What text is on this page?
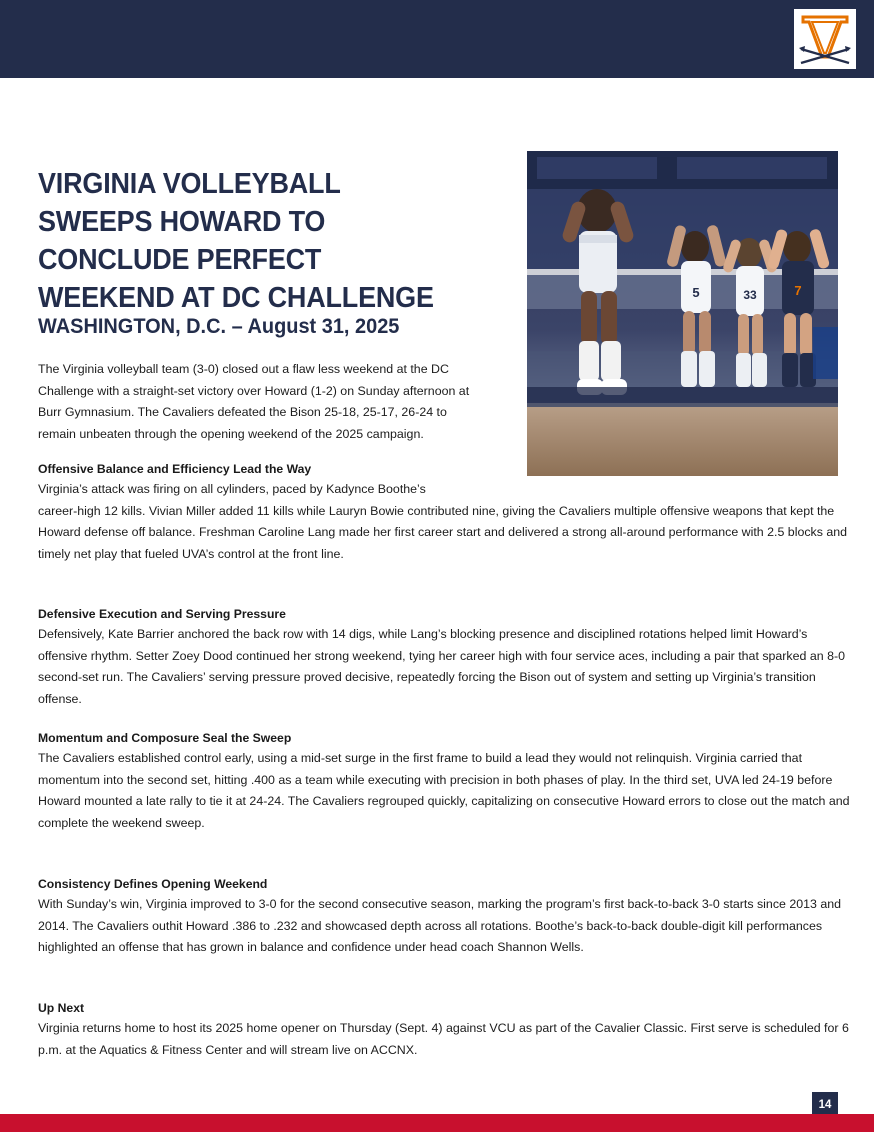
VIRGINIA VOLLEYBALL SWEEPS HOWARD TO CONCLUDE PERFECT WEEKEND AT DC CHALLENGE
WASHINGTON, D.C. – August 31, 2025

The Virginia volleyball team (3-0) closed out a flaw less weekend at the DC Challenge with a straight-set victory over Howard (1-2) on Sunday afternoon at Burr Gymnasium. The Cavaliers defeated the Bison 25-18, 25-17, 26-24 to remain unbeaten through the opening weekend of the 2025 campaign.

5	33	7
Offensive Balance and Efficiency Lead the Way
Virginia’s attack was firing on all cylinders, paced by Kadynce Boothe’s
career-high 12 kills. Vivian Miller added 11 kills while Lauryn Bowie contributed nine, giving the Cavaliers multiple offensive weapons that kept the Howard defense off balance. Freshman Caroline Lang made her first career start and delivered a strong all-around performance with 2.5 blocks and timely net play that fueled UVA’s control at the front line.
Defensive Execution and Serving Pressure
Defensively, Kate Barrier anchored the back row with 14 digs, while Lang’s blocking presence and disciplined rotations helped limit Howard’s offensive rhythm. Setter Zoey Dood continued her strong weekend, tying her career high with four service aces, including a pair that sparked an 8-0 second-set run. The Cavaliers’ serving pressure proved decisive, repeatedly forcing the Bison out of system and setting up Virginia’s transition offense.
Momentum and Composure Seal the Sweep
The Cavaliers established control early, using a mid-set surge in the first frame to build a lead they would not relinquish. Virginia carried that momentum into the second set, hitting .400 as a team while executing with precision in both phases of play. In the third set, UVA led 24-19 before Howard mounted a late rally to tie it at 24-24. The Cavaliers regrouped quickly, capitalizing on consecutive Howard errors to close out the match and complete the weekend sweep.
Consistency Defines Opening Weekend
With Sunday’s win, Virginia improved to 3-0 for the second consecutive season, marking the program’s first back-to-back 3-0 starts since 2013 and 2014. The Cavaliers outhit Howard .386 to .232 and showcased depth across all rotations. Boothe’s back-to-back double-digit kill performances highlighted an offense that has grown in balance and confidence under head coach Shannon Wells.
Up Next
Virginia returns home to host its 2025 home opener on Thursday (Sept. 4) against VCU as part of the Cavalier Classic. First serve is scheduled for 6 p.m. at the Aquatics & Fitness Center and will stream live on ACCNX.
14
